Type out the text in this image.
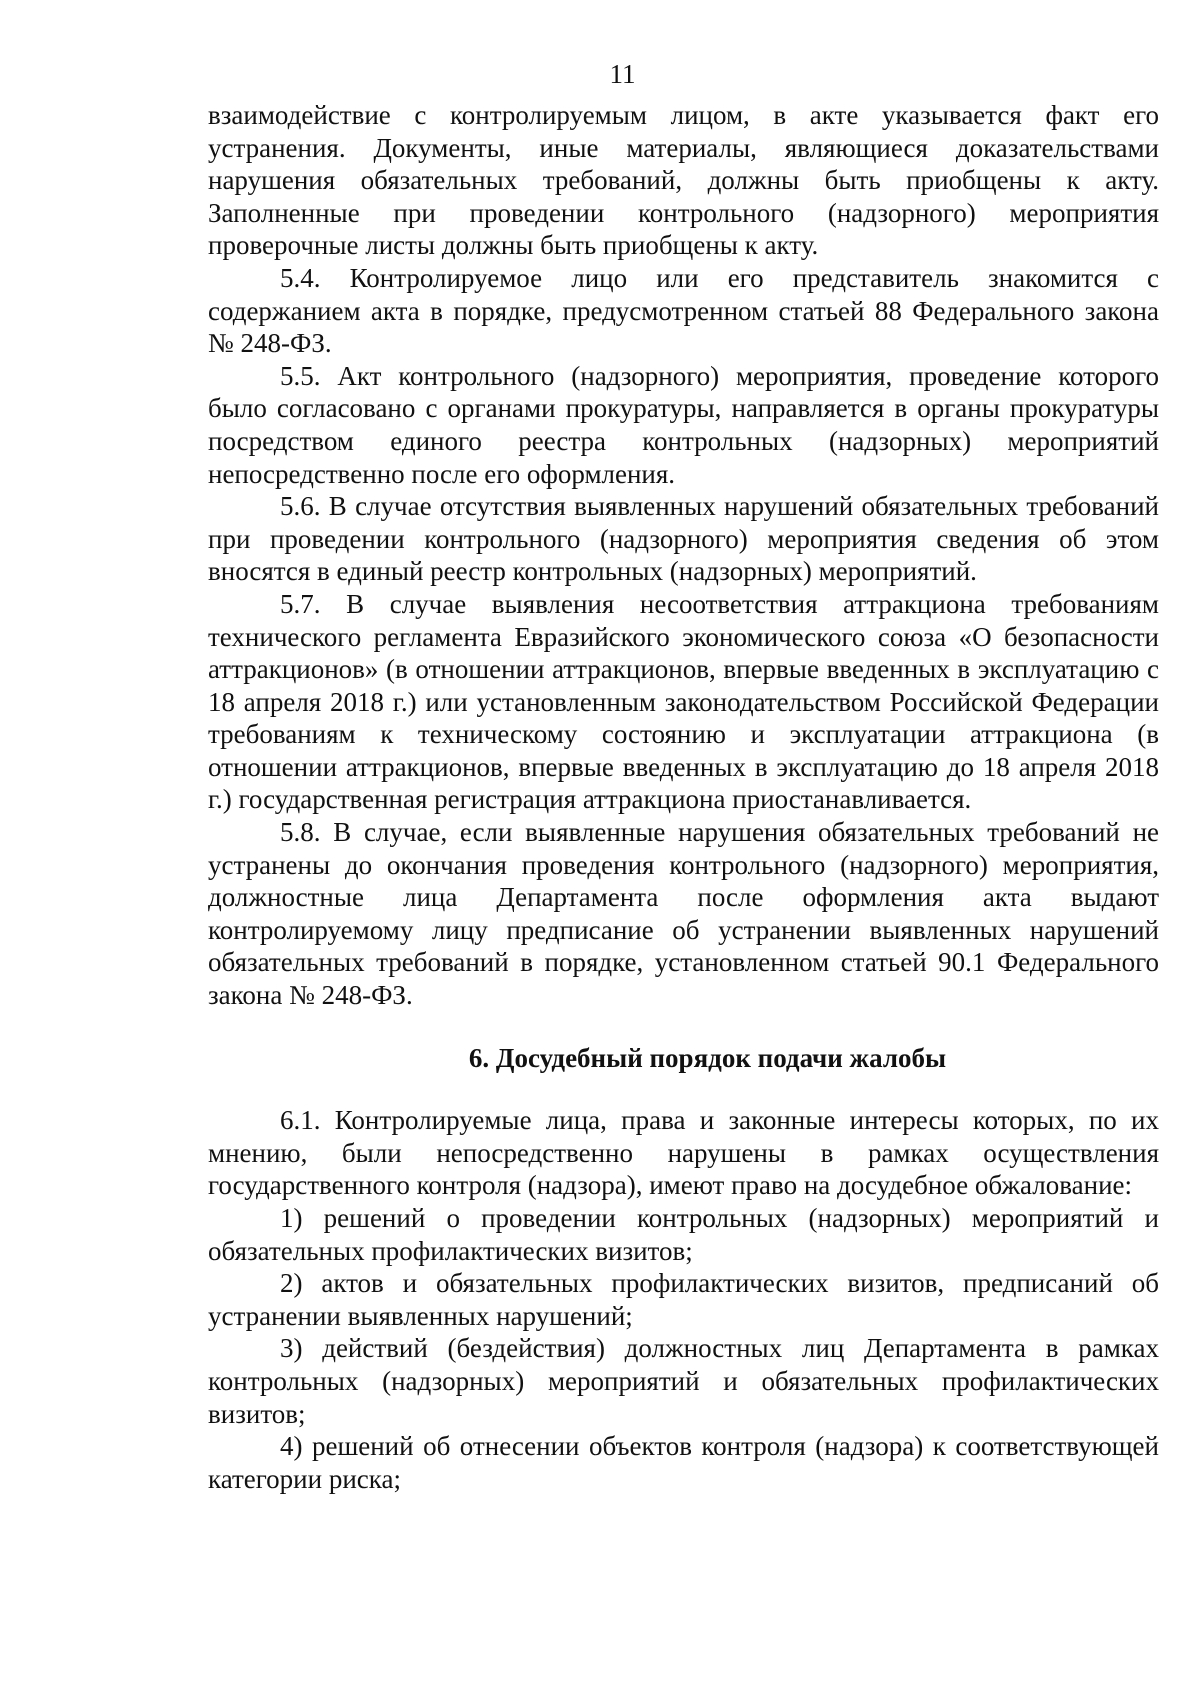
11

взаимодействие с контролируемым лицом, в акте указывается факт его устранения. Документы, иные материалы, являющиеся доказательствами нарушения обязательных требований, должны быть приобщены к акту. Заполненные при проведении контрольного (надзорного) мероприятия проверочные листы должны быть приобщены к акту.

5.4. Контролируемое лицо или его представитель знакомится с содержанием акта в порядке, предусмотренном статьей 88 Федерального закона № 248-ФЗ.

5.5. Акт контрольного (надзорного) мероприятия, проведение которого было согласовано с органами прокуратуры, направляется в органы прокуратуры посредством единого реестра контрольных (надзорных) мероприятий непосредственно после его оформления.

5.6. В случае отсутствия выявленных нарушений обязательных требований при проведении контрольного (надзорного) мероприятия сведения об этом вносятся в единый реестр контрольных (надзорных) мероприятий.

5.7. В случае выявления несоответствия аттракциона требованиям технического регламента Евразийского экономического союза «О безопасности аттракционов» (в отношении аттракционов, впервые введенных в эксплуатацию с 18 апреля 2018 г.) или установленным законодательством Российской Федерации требованиям к техническому состоянию и эксплуатации аттракциона (в отношении аттракционов, впервые введенных в эксплуатацию до 18 апреля 2018 г.) государственная регистрация аттракциона приостанавливается.

5.8. В случае, если выявленные нарушения обязательных требований не устранены до окончания проведения контрольного (надзорного) мероприятия, должностные лица Департамента после оформления акта выдают контролируемому лицу предписание об устранении выявленных нарушений обязательных требований в порядке, установленном статьей 90.1 Федерального закона № 248-ФЗ.

6. Досудебный порядок подачи жалобы

6.1. Контролируемые лица, права и законные интересы которых, по их мнению, были непосредственно нарушены в рамках осуществления государственного контроля (надзора), имеют право на досудебное обжалование:

1) решений о проведении контрольных (надзорных) мероприятий и обязательных профилактических визитов;

2) актов и обязательных профилактических визитов, предписаний об устранении выявленных нарушений;

3) действий (бездействия) должностных лиц Департамента в рамках контрольных (надзорных) мероприятий и обязательных профилактических визитов;

4) решений об отнесении объектов контроля (надзора) к соответствующей категории риска;
